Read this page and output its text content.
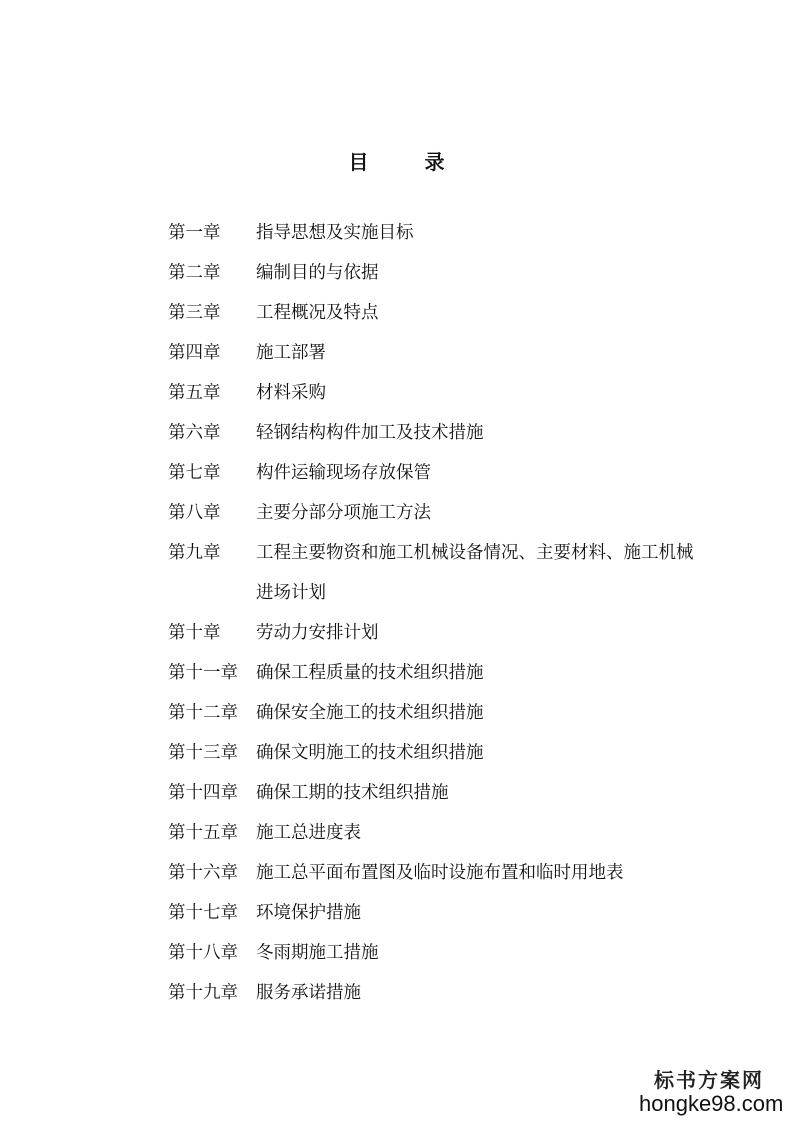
目	录
第一章	指导思想及实施目标
第二章	编制目的与依据
第三章	工程概况及特点
第四章	施工部署
第五章	材料采购
第六章	轻钢结构构件加工及技术措施
第七章	构件运输现场存放保管
第八章	主要分部分项施工方法
第九章	工程主要物资和施工机械设备情况、主要材料、施工机械进场计划
第十章	劳动力安排计划
第十一章	确保工程质量的技术组织措施
第十二章	确保安全施工的技术组织措施
第十三章	确保文明施工的技术组织措施
第十四章	确保工期的技术组织措施
第十五章	施工总进度表
第十六章	施工总平面布置图及临时设施布置和临时用地表
第十七章	环境保护措施
第十八章	冬雨期施工措施
第十九章	服务承诺措施
标书方案网
hongke98.com
